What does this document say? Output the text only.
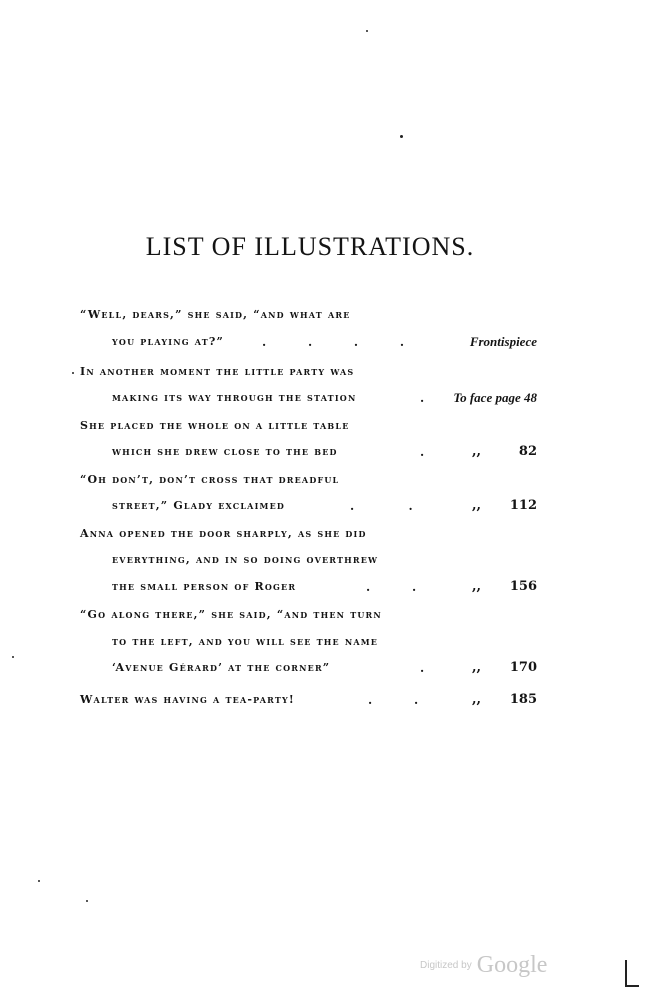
LIST OF ILLUSTRATIONS.
“Well, dears,” she said, “and what are
you playing at?”	.          .          .          .	Frontispiece
In another moment the little party was
making its way through the station	. To face page 48
She placed the whole on a little table
which she drew close to the bed	.	,,	82
“Oh don’t, don’t cross that dreadful
street,” Glady exclaimed	.             .	,, 112
Anna opened the door sharply, as she did
everything, and in so doing overthrew
the small person of Roger	.          .	,, 156
“Go along there,” she said, “and then turn
to the left, and you will see the name
‘Avenue Gérard’ at the corner”	.	,, 170
Walter was having a tea-party!	.          .	,, 185
Digitized by Google
